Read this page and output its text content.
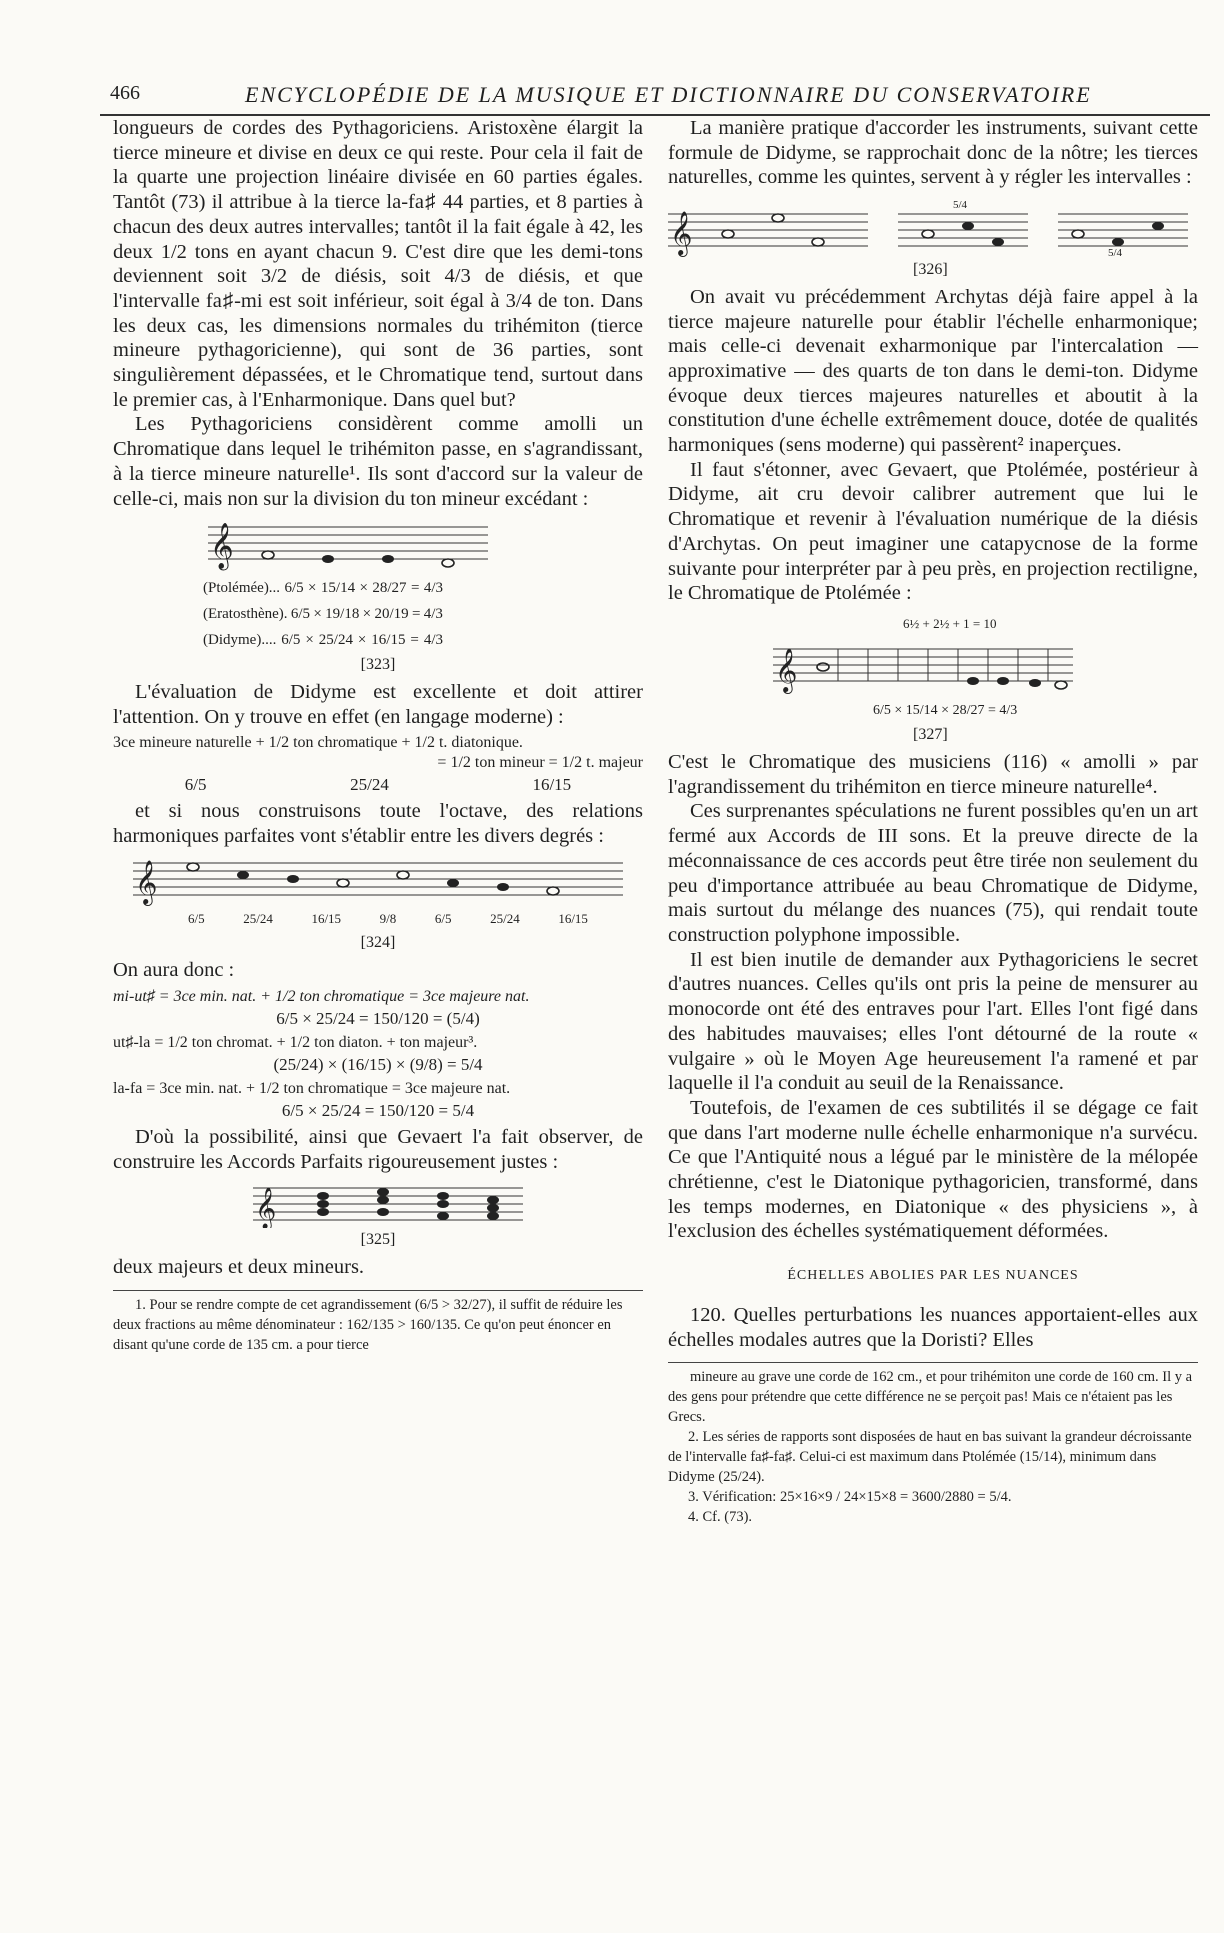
466	ENCYCLOPÉDIE DE LA MUSIQUE ET DICTIONNAIRE DU CONSERVATOIRE

longueurs de cordes des Pythagoriciens. Aristoxène élargit la tierce mineure et divise en deux ce qui reste. Pour cela il fait de la quarte une projection linéaire divisée en 60 parties égales. Tantôt (73) il attribue à la tierce la-fa♯ 44 parties, et 8 parties à chacun des deux autres intervalles; tantôt il la fait égale à 42, les deux 1/2 tons en ayant chacun 9. C'est dire que les demi-tons deviennent soit 3/2 de diésis, soit 4/3 de diésis, et que l'intervalle fa♯-mi est soit inférieur, soit égal à 3/4 de ton. Dans les deux cas, les dimensions normales du trihémiton (tierce mineure pythagoricienne), qui sont de 36 parties, sont singulièrement dépassées, et le Chromatique tend, surtout dans le premier cas, à l'Enharmonique. Dans quel but?

Les Pythagoriciens considèrent comme amolli un Chromatique dans lequel le trihémiton passe, en s'agrandissant, à la tierce mineure naturelle¹. Ils sont d'accord sur la valeur de celle-ci, mais non sur la division du ton mineur excédant :

𝄞
(Ptolémée)... 6/5 × 15/14 × 28/27 = 4/3
(Eratosthène). 6/5 × 19/18 × 20/19 = 4/3
(Didyme).... 6/5 × 25/24 × 16/15 = 4/3
[323]

L'évaluation de Didyme est excellente et doit attirer l'attention. On y trouve en effet (en langage moderne) :

3ce mineure naturelle + 1/2 ton chromatique + 1/2 t. diatonique.
= 1/2 ton mineur = 1/2 t. majeur
6/5	25/24	16/15

et si nous construisons toute l'octave, des relations harmoniques parfaites vont s'établir entre les divers degrés :

𝄞
6/5	25/24	16/15	9/8	6/5	25/24	16/15
[324]

On aura donc :

mi-ut♯ = 3ce min. nat. + 1/2 ton chromatique = 3ce majeure nat.
6/5 × 25/24 = 150/120 = (5/4)
ut♯-la = 1/2 ton chromat. + 1/2 ton diaton. + ton majeur³.
(25/24) × (16/15) × (9/8) = 5/4
la-fa = 3ce min. nat. + 1/2 ton chromatique = 3ce majeure nat.
6/5 × 25/24 = 150/120 = 5/4

D'où la possibilité, ainsi que Gevaert l'a fait observer, de construire les Accords Parfaits rigoureusement justes :

𝄞
[325]

deux majeurs et deux mineurs.

1. Pour se rendre compte de cet agrandissement (6/5 > 32/27), il suffit de réduire les deux fractions au même dénominateur : 162/135 > 160/135. Ce qu'on peut énoncer en disant qu'une corde de 135 cm. a pour tierce

La manière pratique d'accorder les instruments, suivant cette formule de Didyme, se rapprochait donc de la nôtre; les tierces naturelles, comme les quintes, servent à y régler les intervalles :

𝄞
5/4
5/4
[326]

On avait vu précédemment Archytas déjà faire appel à la tierce majeure naturelle pour établir l'échelle enharmonique; mais celle-ci devenait exharmonique par l'intercalation — approximative — des quarts de ton dans le demi-ton. Didyme évoque deux tierces majeures naturelles et aboutit à la constitution d'une échelle extrêmement douce, dotée de qualités harmoniques (sens moderne) qui passèrent² inaperçues.

Il faut s'étonner, avec Gevaert, que Ptolémée, postérieur à Didyme, ait cru devoir calibrer autrement que lui le Chromatique et revenir à l'évaluation numérique de la diésis d'Archytas. On peut imaginer une catapycnose de la forme suivante pour interpréter par à peu près, en projection rectiligne, le Chromatique de Ptolémée :

6½ + 2½ + 1 = 10
𝄞
6/5 × 15/14 × 28/27 = 4/3
[327]

C'est le Chromatique des musiciens (116) « amolli » par l'agrandissement du trihémiton en tierce mineure naturelle⁴.

Ces surprenantes spéculations ne furent possibles qu'en un art fermé aux Accords de III sons. Et la preuve directe de la méconnaissance de ces accords peut être tirée non seulement du peu d'importance attribuée au beau Chromatique de Didyme, mais surtout du mélange des nuances (75), qui rendait toute construction polyphone impossible.

Il est bien inutile de demander aux Pythagoriciens le secret d'autres nuances. Celles qu'ils ont pris la peine de mensurer au monocorde ont été des entraves pour l'art. Elles l'ont figé dans des habitudes mauvaises; elles l'ont détourné de la route « vulgaire » où le Moyen Age heureusement l'a ramené et par laquelle il l'a conduit au seuil de la Renaissance.

Toutefois, de l'examen de ces subtilités il se dégage ce fait que dans l'art moderne nulle échelle enharmonique n'a survécu. Ce que l'Antiquité nous a légué par le ministère de la mélopée chrétienne, c'est le Diatonique pythagoricien, transformé, dans les temps modernes, en Diatonique « des physiciens », à l'exclusion des échelles systématiquement déformées.

ÉCHELLES ABOLIES PAR LES NUANCES

120. Quelles perturbations les nuances apportaient-elles aux échelles modales autres que la Doristi? Elles

mineure au grave une corde de 162 cm., et pour trihémiton une corde de 160 cm. Il y a des gens pour prétendre que cette différence ne se perçoit pas! Mais ce n'étaient pas les Grecs.

2. Les séries de rapports sont disposées de haut en bas suivant la grandeur décroissante de l'intervalle fa♯-fa♯. Celui-ci est maximum dans Ptolémée (15/14), minimum dans Didyme (25/24).

3. Vérification: 25×16×9 / 24×15×8 = 3600/2880 = 5/4.

4. Cf. (73).
